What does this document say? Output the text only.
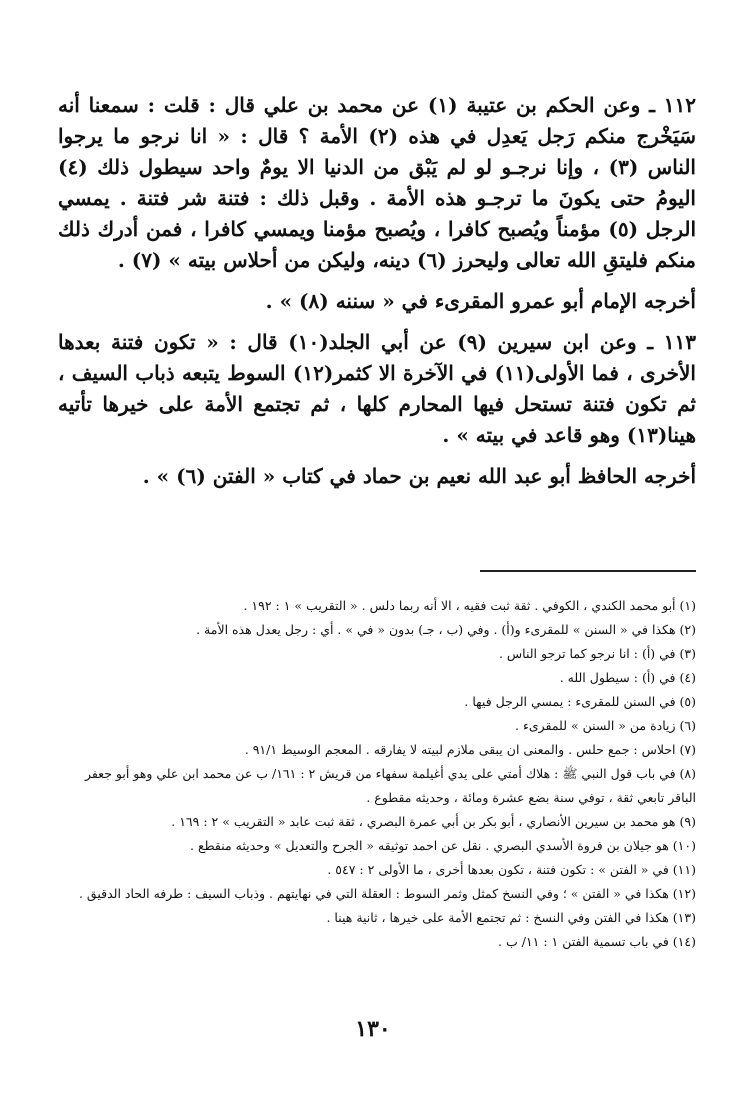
١١٢ ـ وعن الحكم بن عتيبة (١) عن محمد بن علي قال : قلت : سمعنا أنه سَيَخْرج منكم رَجل يَعدِل في هذه (٢) الأمة ؟ قال : « انا نرجو ما يرجوا الناس (٣) ، وإنا نرجـو لو لم يَبْق من الدنيا الا يومٌ واحد سيطول ذلك (٤) اليومُ حتى يكونَ ما ترجـو هذه الأمة . وقبل ذلك : فتنة شر فتنة . يمسي الرجل (٥) مؤمناً ويُصبح كافرا ، ويُصبح مؤمنا ويمسي كافرا ، فمن أدرك ذلك منكم فليتقِ الله تعالى وليحرز (٦) دينه، وليكن من أحلاس بيته » (٧) .

أخرجه الإمام أبو عمرو المقرىء في « سننه (٨) » .

١١٣ ـ وعن ابن سيرين (٩) عن أبي الجلد(١٠) قال : « تكون فتنة بعدها الأخرى ، فما الأولى(١١) في الآخرة الا كثمر(١٢) السوط يتبعه ذباب السيف ، ثم تكون فتنة تستحل فيها المحارم كلها ، ثم تجتمع الأمة على خيرها تأتيه هينا(١٣) وهو قاعد في بيته » .

أخرجه الحافظ أبو عبد الله نعيم بن حماد في كتاب « الفتن (٦) » .

(١) أبو محمد الكندي ، الكوفي . ثقة ثبت فقيه ، الا أنه ربما دلس . « التقريب » ١ : ١٩٢ .
(٢) هكذا في « السنن » للمقرىء و(أ) . وفي (ب ، جـ) بدون « في » . أي : رجل يعدل هذه الأمة .
(٣) في (أ) : انا نرجو كما ترجو الناس .
(٤) في (أ) : سيطول الله .
(٥) في السنن للمقرىء : يمسي الرجل فيها .
(٦) زيادة من « السنن » للمقرىء .
(٧) احلاس : جمع حلس . والمعنى ان يبقى ملازم لبيته لا يفارقه . المعجم الوسيط ٩١/١ .
(٨) في باب قول النبي ﷺ : هلاك أمتي على يدي أغيلمة سفهاء من قريش ٢ : ١٦١/ ب عن محمد ابن علي وهو أبو جعفر الباقر تابعي ثقة ، توفي سنة بضع عشرة ومائة ، وحديثه مقطوع .
(٩) هو محمد بن سيرين الأنصاري ، أبو بكر بن أبي عمرة البصري ، ثقة ثبت عابد « التقريب » ٢ : ١٦٩ .
(١٠) هو جيلان بن فروة الأسدي البصري . نقل عن احمد توثيقه « الجرح والتعديل » وحديثه منقطع .
(١١) في « الفتن » : تكون فتنة ، تكون بعدها أخرى ، ما الأولى ٢ : ٥٤٧ .
(١٢) هكذا في « الفتن » ؛ وفي النسخ كمثل وثمر السوط : العقلة التي في نهايتهم . وذباب السيف : طرفه الحاد الدقيق .
(١٣) هكذا في الفتن وفي النسخ : ثم تجتمع الأمة على خيرها ، ثانية هينا .
(١٤) في باب تسمية الفتن ١ : ١١/ ب .
١٣٠
